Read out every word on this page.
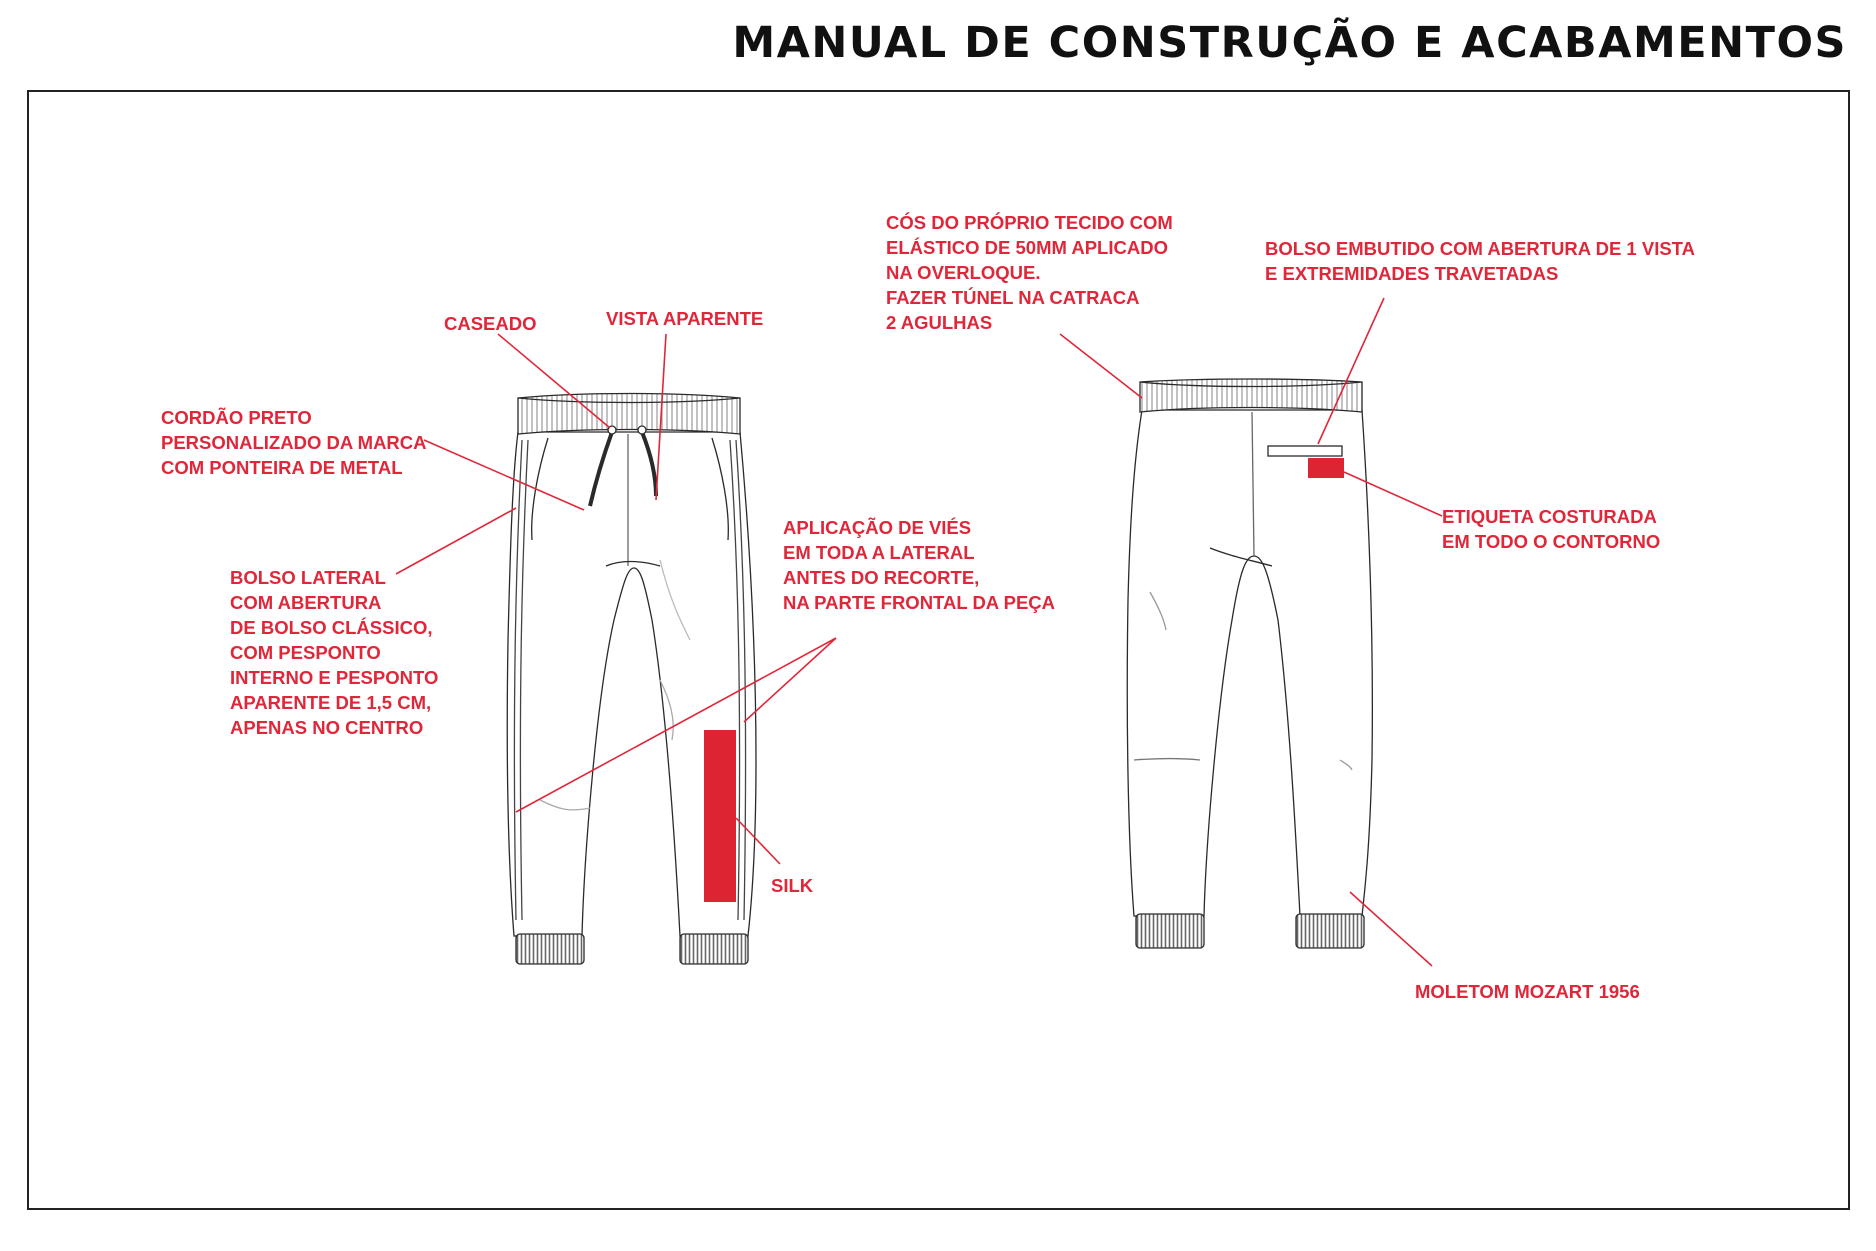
MANUAL DE CONSTRUÇÃO E ACABAMENTOS
CASEADO	VISTA APARENTE
CORDÃO PRETO PERSONALIZADO DA MARCA COM PONTEIRA DE METAL
BOLSO LATERAL COM ABERTURA DE BOLSO CLÁSSICO, COM PESPONTO INTERNO E PESPONTO APARENTE DE 1,5 CM, APENAS NO CENTRO
APLICAÇÃO DE VIÉS EM TODA A LATERAL ANTES DO RECORTE, NA PARTE FRONTAL DA PEÇA
SILK
CÓS DO PRÓPRIO TECIDO COM ELÁSTICO DE 50MM APLICADO NA OVERLOQUE. FAZER TÚNEL NA CATRACA 2 AGULHAS
BOLSO EMBUTIDO COM ABERTURA DE 1 VISTA E EXTREMIDADES TRAVETADAS
ETIQUETA COSTURADA EM TODO O CONTORNO
MOLETOM MOZART 1956
